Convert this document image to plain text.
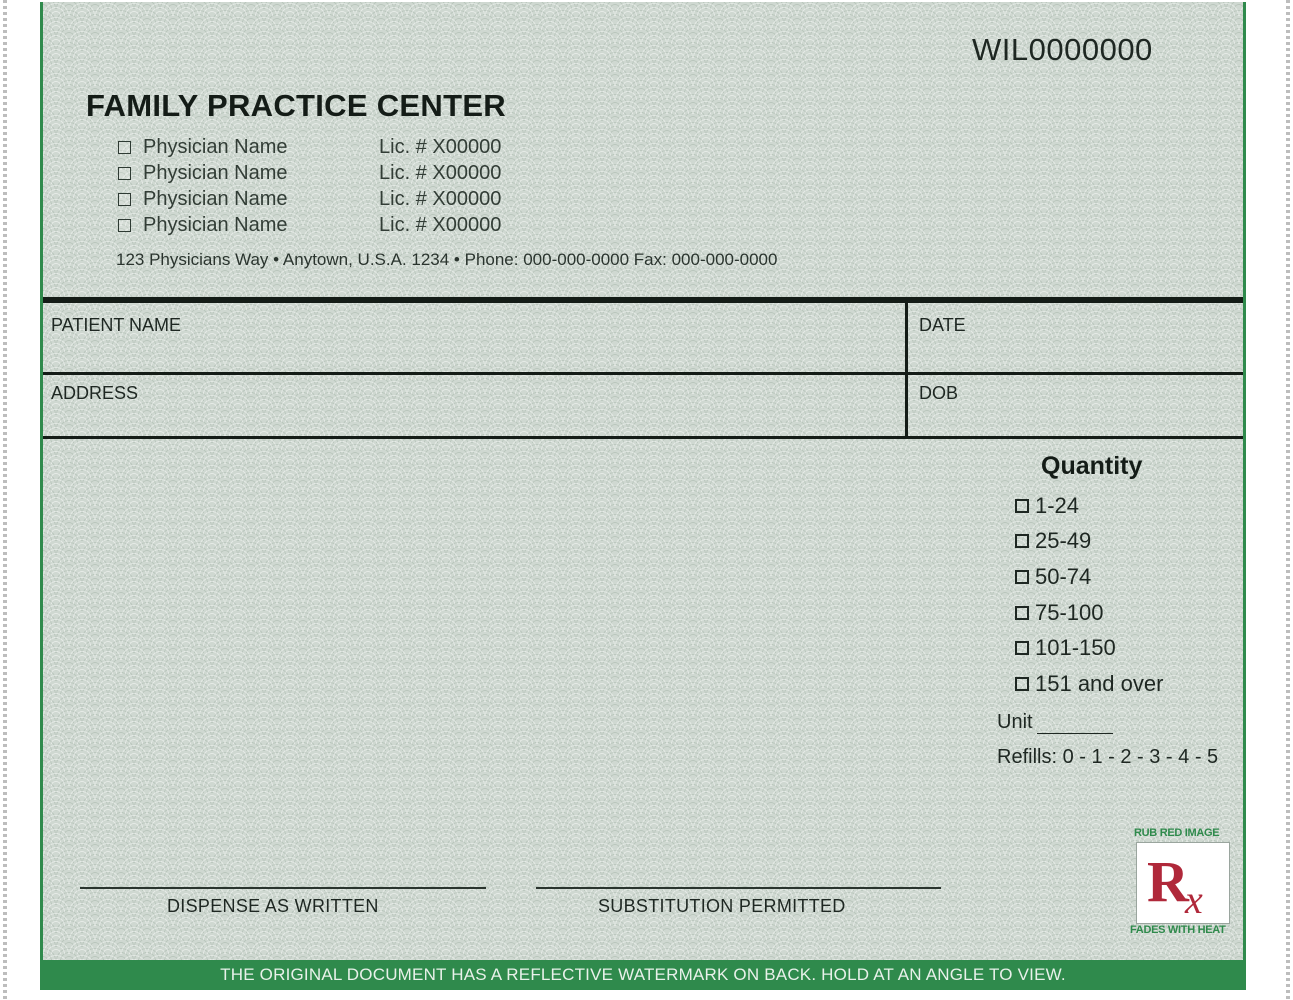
WIL0000000
FAMILY PRACTICE CENTER
Physician Name	Lic. # X00000
Physician Name	Lic. # X00000
Physician Name	Lic. # X00000
Physician Name	Lic. # X00000
123 Physicians Way • Anytown, U.S.A. 1234 • Phone: 000-000-0000 Fax: 000-000-0000
PATIENT NAME	DATE
ADDRESS	DOB
Quantity
1-24
25-49
50-74
75-100
101-150
151 and over
Unit
Refills: 0 - 1 - 2 - 3 - 4 - 5
DISPENSE AS WRITTEN	SUBSTITUTION PERMITTED
RUB RED IMAGE
R
x
FADES WITH HEAT
THE ORIGINAL DOCUMENT HAS A REFLECTIVE WATERMARK ON BACK. HOLD AT AN ANGLE TO VIEW.
